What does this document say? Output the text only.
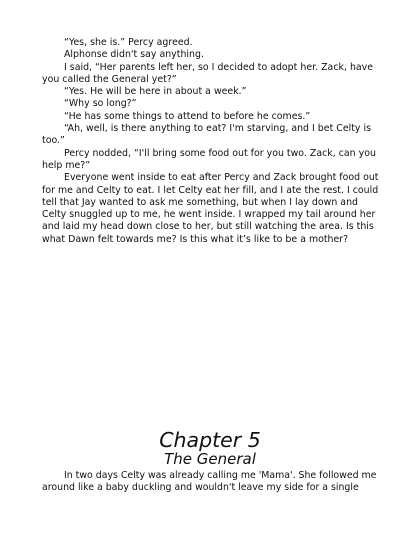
“Yes, she is.” Percy agreed.

Alphonse didn't say anything.

I said, “Her parents left her, so I decided to adopt her. Zack, have you called the General yet?”

“Yes. He will be here in about a week.”

“Why so long?”

“He has some things to attend to before he comes.”

“Ah, well, is there anything to eat? I'm starving, and I bet Celty is too.”

Percy nodded, “I'll bring some food out for you two. Zack, can you help me?”

Everyone went inside to eat after Percy and Zack brought food out for me and Celty to eat. I let Celty eat her fill, and I ate the rest. I could tell that Jay wanted to ask me something, but when I lay down and Celty snuggled up to me, he went inside. I wrapped my tail around her and laid my head down close to her, but still watching the area. Is this what Dawn felt towards me? Is this what it’s like to be a mother?

Chapter 5
The General

In two days Celty was already calling me 'Mama'. She followed me around like a baby duckling and wouldn't leave my side for a single
